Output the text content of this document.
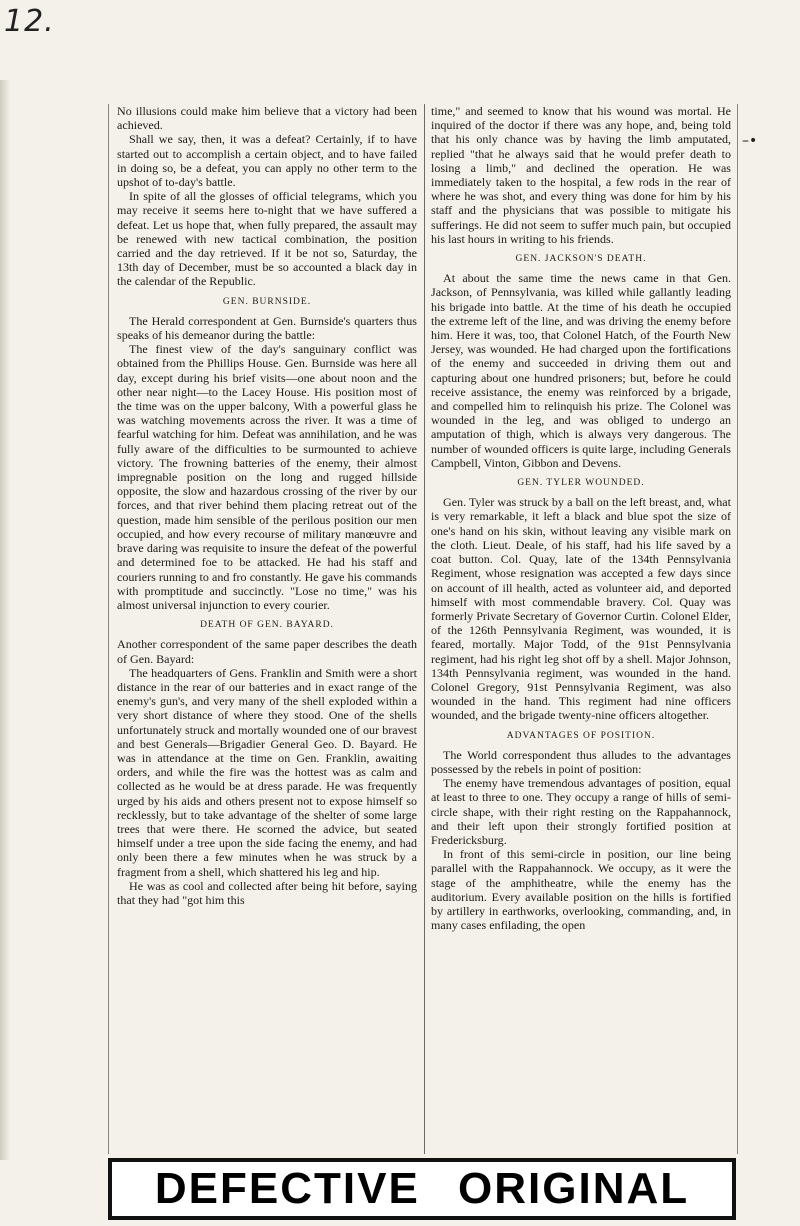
12.

No illusions could make him believe that a victory had been achieved.

Shall we say, then, it was a defeat? Certainly, if to have started out to accomplish a certain object, and to have failed in doing so, be a defeat, you can apply no other term to the upshot of to-day's battle.

In spite of all the glosses of official telegrams, which you may receive it seems here to-night that we have suffered a defeat. Let us hope that, when fully prepared, the assault may be renewed with new tactical combination, the position carried and the day retrieved. If it be not so, Saturday, the 13th day of December, must be so accounted a black day in the calendar of the Republic.

GEN. BURNSIDE.

The Herald correspondent at Gen. Burnside's quarters thus speaks of his demeanor during the battle:

The finest view of the day's sanguinary conflict was obtained from the Phillips House. Gen. Burnside was here all day, except during his brief visits—one about noon and the other near night—to the Lacey House. His position most of the time was on the upper balcony, With a powerful glass he was watching movements across the river. It was a time of fearful watching for him. Defeat was annihilation, and he was fully aware of the difficulties to be surmounted to achieve victory. The frowning batteries of the enemy, their almost impregnable position on the long and rugged hillside opposite, the slow and hazardous crossing of the river by our forces, and that river behind them placing retreat out of the question, made him sensible of the perilous position our men occupied, and how every recourse of military manœuvre and brave daring was requisite to insure the defeat of the powerful and determined foe to be attacked. He had his staff and couriers running to and fro constantly. He gave his commands with promptitude and succinctly. "Lose no time," was his almost universal injunction to every courier.

DEATH OF GEN. BAYARD.

Another correspondent of the same paper describes the death of Gen. Bayard:

The headquarters of Gens. Franklin and Smith were a short distance in the rear of our batteries and in exact range of the enemy's gun's, and very many of the shell exploded within a very short distance of where they stood. One of the shells unfortunately struck and mortally wounded one of our bravest and best Generals—Brigadier General Geo. D. Bayard. He was in attendance at the time on Gen. Franklin, awaiting orders, and while the fire was the hottest was as calm and collected as he would be at dress parade. He was frequently urged by his aids and others present not to expose himself so recklessly, but to take advantage of the shelter of some large trees that were there. He scorned the advice, but seated himself under a tree upon the side facing the enemy, and had only been there a few minutes when he was struck by a fragment from a shell, which shattered his leg and hip.

He was as cool and collected after being hit before, saying that they had "got him this

time," and seemed to know that his wound was mortal. He inquired of the doctor if there was any hope, and, being told that his only chance was by having the limb amputated, replied "that he always said that he would prefer death to losing a limb," and declined the operation. He was immediately taken to the hospital, a few rods in the rear of where he was shot, and every thing was done for him by his staff and the physicians that was possible to mitigate his sufferings. He did not seem to suffer much pain, but occupied his last hours in writing to his friends.

GEN. JACKSON'S DEATH.

At about the same time the news came in that Gen. Jackson, of Pennsylvania, was killed while gallantly leading his brigade into battle. At the time of his death he occupied the extreme left of the line, and was driving the enemy before him. Here it was, too, that Colonel Hatch, of the Fourth New Jersey, was wounded. He had charged upon the fortifications of the enemy and succeeded in driving them out and capturing about one hundred prisoners; but, before he could receive assistance, the enemy was reinforced by a brigade, and compelled him to relinquish his prize. The Colonel was wounded in the leg, and was obliged to undergo an amputation of thigh, which is always very dangerous. The number of wounded officers is quite large, including Generals Campbell, Vinton, Gibbon and Devens.

GEN. TYLER WOUNDED.

Gen. Tyler was struck by a ball on the left breast, and, what is very remarkable, it left a black and blue spot the size of one's hand on his skin, without leaving any visible mark on the cloth. Lieut. Deale, of his staff, had his life saved by a coat button. Col. Quay, late of the 134th Pennsylvania Regiment, whose resignation was accepted a few days since on account of ill health, acted as volunteer aid, and deported himself with most commendable bravery. Col. Quay was formerly Private Secretary of Governor Curtin. Colonel Elder, of the 126th Pennsylvania Regiment, was wounded, it is feared, mortally. Major Todd, of the 91st Pennsylvania regiment, had his right leg shot off by a shell. Major Johnson, 134th Pennsylvania regiment, was wounded in the hand. Colonel Gregory, 91st Pennsylvania Regiment, was also wounded in the hand. This regiment had nine officers wounded, and the brigade twenty-nine officers altogether.

ADVANTAGES OF POSITION.

The World correspondent thus alludes to the advantages possessed by the rebels in point of position:

The enemy have tremendous advantages of position, equal at least to three to one. They occupy a range of hills of semi-circle shape, with their right resting on the Rappahannock, and their left upon their strongly fortified position at Fredericksburg.

In front of this semi-circle in position, our line being parallel with the Rappahannock. We occupy, as it were the stage of the amphitheatre, while the enemy has the auditorium. Every available position on the hills is fortified by artillery in earthworks, overlooking, commanding, and, in many cases enfilading, the open

–•
DEFECTIVE ORIGINAL
